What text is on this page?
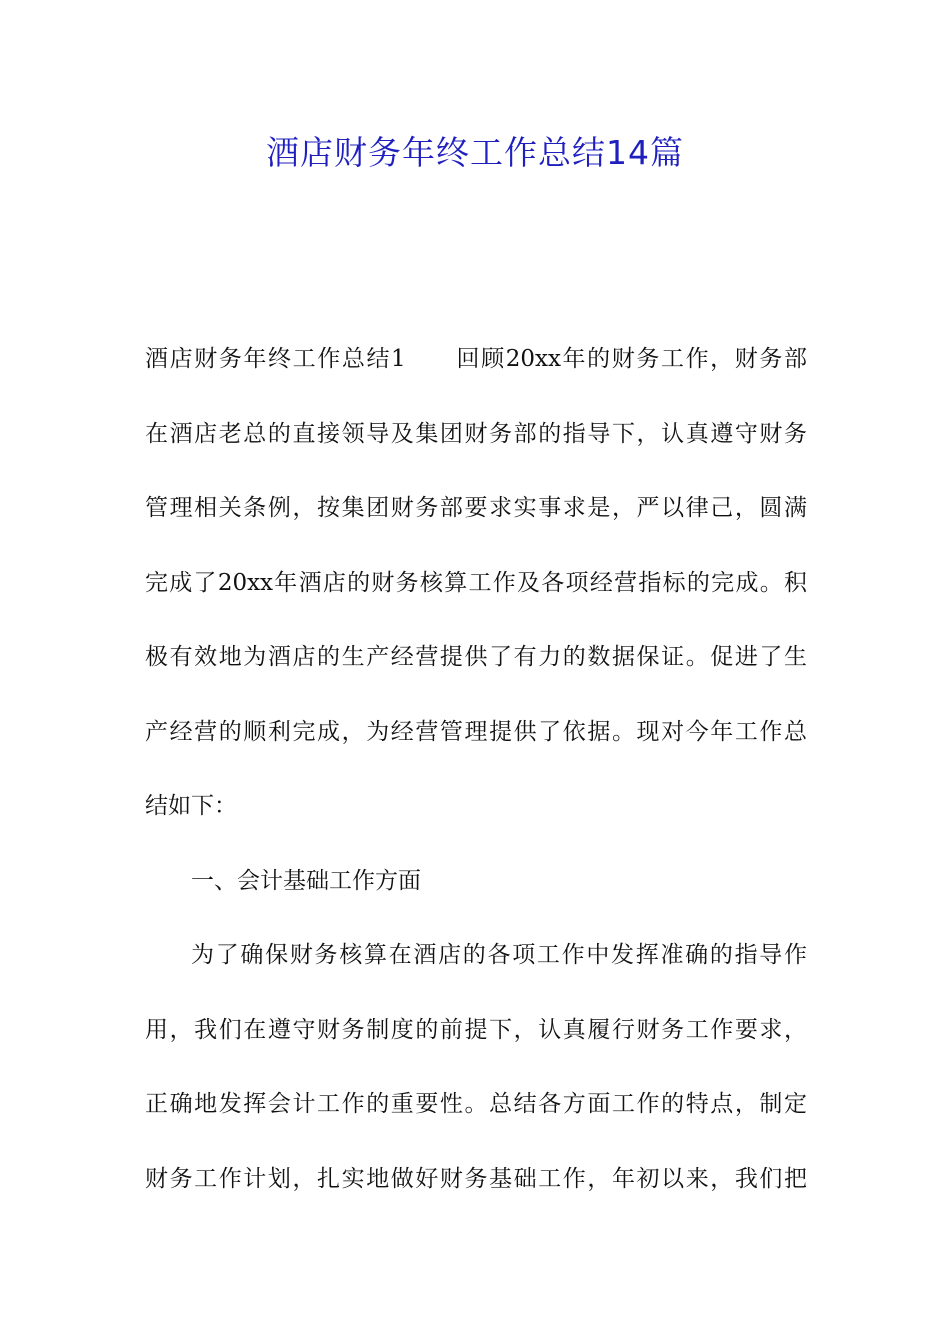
酒店财务年终工作总结14篇
酒店财务年终工作总结1　　回顾20xx年的财务工作，财务部
在酒店老总的直接领导及集团财务部的指导下，认真遵守财务
管理相关条例，按集团财务部要求实事求是，严以律己，圆满
完成了20xx年酒店的财务核算工作及各项经营指标的完成。积
极有效地为酒店的生产经营提供了有力的数据保证。促进了生
产经营的顺利完成，为经营管理提供了依据。现对今年工作总
结如下：
一、会计基础工作方面
为了确保财务核算在酒店的各项工作中发挥准确的指导作
用，我们在遵守财务制度的前提下，认真履行财务工作要求，
正确地发挥会计工作的重要性。总结各方面工作的特点，制定
财务工作计划，扎实地做好财务基础工作，年初以来，我们把
